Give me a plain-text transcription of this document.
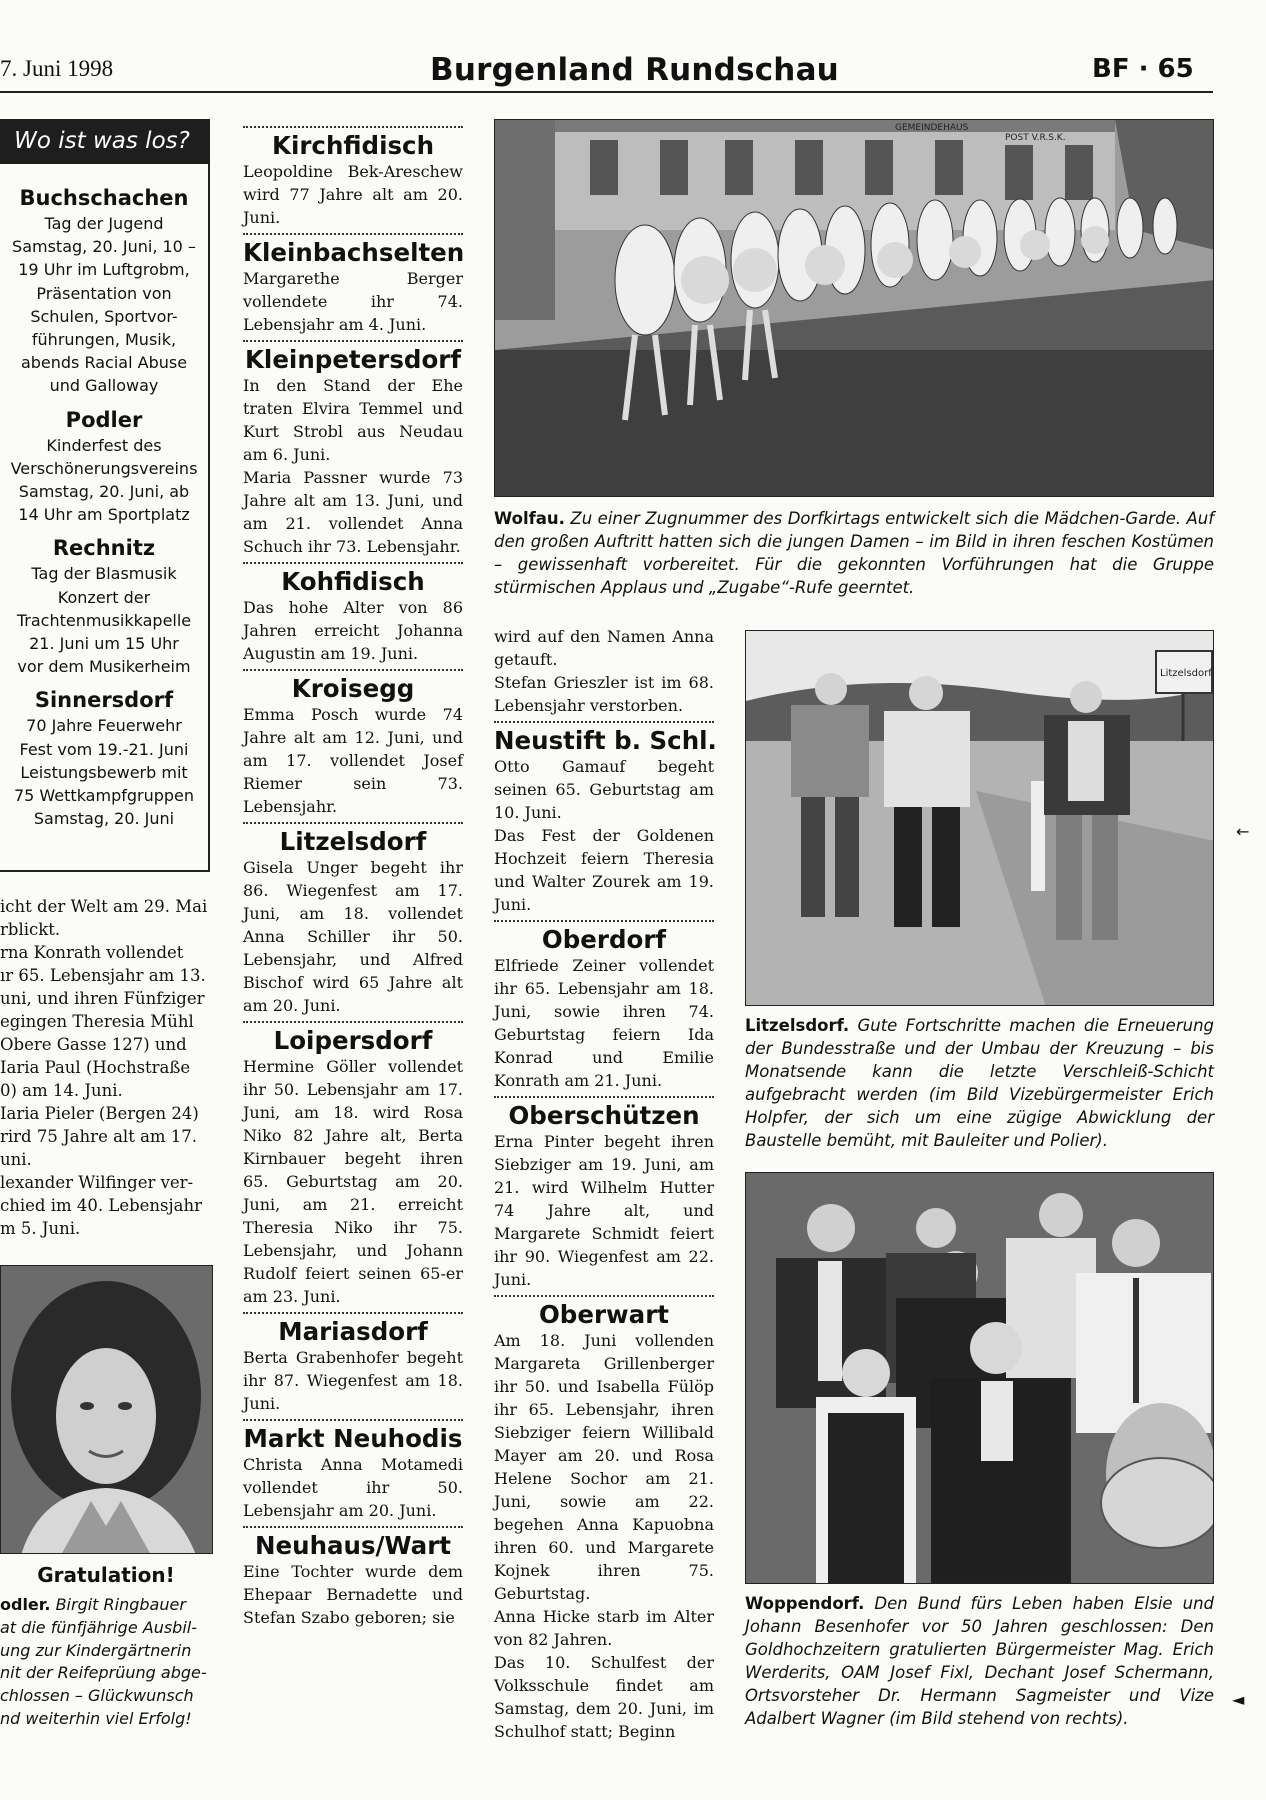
7. Juni 1998	Burgenland Rundschau	BF · 65
Wo ist was los?
Buchschachen
Tag der Jugend
Samstag, 20. Juni, 10 –
19 Uhr im Luftgrobm,
Präsentation von
Schulen, Sportvor-
führungen, Musik,
abends Racial Abuse
und Galloway
Podler
Kinderfest des
Verschönerungsvereins
Samstag, 20. Juni, ab
14 Uhr am Sportplatz
Rechnitz
Tag der Blasmusik
Konzert der
Trachtenmusikkapelle
21. Juni um 15 Uhr
vor dem Musikerheim
Sinnersdorf
70 Jahre Feuerwehr
Fest vom 19.-21. Juni
Leistungsbewerb mit
75 Wettkampfgruppen
Samstag, 20. Juni
icht der Welt am 29. Mai
rblickt.
rna Konrath vollendet
ır 65. Lebensjahr am 13.
uni, und ihren Fünfziger
egingen Theresia Mühl
Obere Gasse 127) und
Iaria Paul (Hochstraße
0) am 14. Juni.
Iaria Pieler (Bergen 24)
rird 75 Jahre alt am 17.
uni.
lexander Wilfinger ver-
chied im 40. Lebensjahr
m 5. Juni.
Gratulation!
odler. Birgit Ringbauer
at die fünfjährige Ausbil-
ung zur Kindergärtnerin
nit der Reifeprüung abge-
chlossen – Glückwunsch
nd weiterhin viel Erfolg!
Kirchfidisch
Leopoldine Bek-Areschew wird 77 Jahre alt am 20. Juni.
Kleinbachselten
Margarethe Berger vollendete ihr 74. Lebensjahr am 4. Juni.
Kleinpetersdorf
In den Stand der Ehe traten Elvira Temmel und Kurt Strobl aus Neudau am 6. Juni.
Maria Passner wurde 73 Jahre alt am 13. Juni, und am 21. vollendet Anna Schuch ihr 73. Lebensjahr.
Kohfidisch
Das hohe Alter von 86 Jahren erreicht Johanna Augustin am 19. Juni.
Kroisegg
Emma Posch wurde 74 Jahre alt am 12. Juni, und am 17. vollendet Josef Riemer sein 73. Lebensjahr.
Litzelsdorf
Gisela Unger begeht ihr 86. Wiegenfest am 17. Juni, am 18. vollendet Anna Schiller ihr 50. Lebensjahr, und Alfred Bischof wird 65 Jahre alt am 20. Juni.
Loipersdorf
Hermine Göller vollendet ihr 50. Lebensjahr am 17. Juni, am 18. wird Rosa Niko 82 Jahre alt, Berta Kirnbauer begeht ihren 65. Geburtstag am 20. Juni, am 21. erreicht Theresia Niko ihr 75. Lebensjahr, und Johann Rudolf feiert seinen 65-er am 23. Juni.
Mariasdorf
Berta Grabenhofer begeht ihr 87. Wiegenfest am 18. Juni.
Markt Neuhodis
Christa Anna Motamedi vollendet ihr 50. Lebensjahr am 20. Juni.
Neuhaus/Wart
Eine Tochter wurde dem Ehepaar Bernadette und Stefan Szabo geboren; sie
wird auf den Namen Anna getauft.
Stefan Grieszler ist im 68. Lebensjahr verstorben.
Neustift b. Schl.
Otto Gamauf begeht seinen 65. Geburtstag am 10. Juni.
Das Fest der Goldenen Hochzeit feiern Theresia und Walter Zourek am 19. Juni.
Oberdorf
Elfriede Zeiner vollendet ihr 65. Lebensjahr am 18. Juni, sowie ihren 74. Geburtstag feiern Ida Konrad und Emilie Konrath am 21. Juni.
Oberschützen
Erna Pinter begeht ihren Siebziger am 19. Juni, am 21. wird Wilhelm Hutter 74 Jahre alt, und Margarete Schmidt feiert ihr 90. Wiegenfest am 22. Juni.
Oberwart
Am 18. Juni vollenden Margareta Grillenberger ihr 50. und Isabella Fülöp ihr 65. Lebensjahr, ihren Siebziger feiern Willibald Mayer am 20. und Rosa Helene Sochor am 21. Juni, sowie am 22. begehen Anna Kapuobna ihren 60. und Margarete Kojnek ihren 75. Geburtstag.
Anna Hicke starb im Alter von 82 Jahren.
Das 10. Schulfest der Volksschule findet am Samstag, dem 20. Juni, im Schulhof statt; Beginn
GEMEINDEHAUS
POST V.R.S.K.
Wolfau. Zu einer Zugnummer des Dorfkirtags entwickelt sich die Mädchen-Garde. Auf den großen Auftritt hatten sich die jungen Damen – im Bild in ihren feschen Kostümen – gewissenhaft vorbereitet. Für die gekonnten Vorführungen hat die Gruppe stürmischen Applaus und „Zugabe“-Rufe geerntet.
Litzelsdorf
Litzelsdorf. Gute Fortschritte machen die Erneuerung der Bundesstraße und der Umbau der Kreuzung – bis Monatsende kann die letzte Verschleiß-Schicht aufgebracht werden (im Bild Vizebürgermeister Erich Holpfer, der sich um eine zügige Abwicklung der Baustelle bemüht, mit Bauleiter und Polier).
Woppendorf. Den Bund fürs Leben haben Elsie und Johann Besenhofer vor 50 Jahren geschlossen: Den Goldhochzeitern gratulierten Bürgermeister Mag. Erich Werderits, OAM Josef Fixl, Dechant Josef Schermann, Ortsvorsteher Dr. Hermann Sagmeister und Vize Adalbert Wagner (im Bild stehend von rechts).
←
◄
